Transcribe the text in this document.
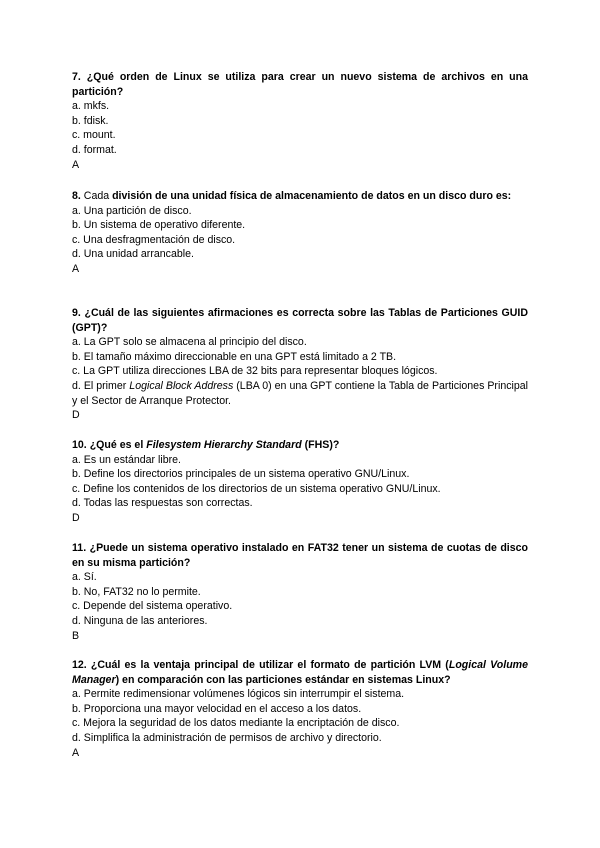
7. ¿Qué orden de Linux se utiliza para crear un nuevo sistema de archivos en una partición?

a. mkfs.

b. fdisk.

c. mount.

d. format.

A

8. Cada división de una unidad física de almacenamiento de datos en un disco duro es:

a. Una partición de disco.

b. Un sistema de operativo diferente.

c. Una desfragmentación de disco.

d. Una unidad arrancable.

A

9. ¿Cuál de las siguientes afirmaciones es correcta sobre las Tablas de Particiones GUID (GPT)?

a. La GPT solo se almacena al principio del disco.

b. El tamaño máximo direccionable en una GPT está limitado a 2 TB.

c. La GPT utiliza direcciones LBA de 32 bits para representar bloques lógicos.

d. El primer Logical Block Address (LBA 0) en una GPT contiene la Tabla de Particiones Principal y el Sector de Arranque Protector.

D

10. ¿Qué es el Filesystem Hierarchy Standard (FHS)?

a. Es un estándar libre.

b. Define los directorios principales de un sistema operativo GNU/Linux.

c. Define los contenidos de los directorios de un sistema operativo GNU/Linux.

d. Todas las respuestas son correctas.

D

11. ¿Puede un sistema operativo instalado en FAT32 tener un sistema de cuotas de disco en su misma partición?

a. Sí.

b. No, FAT32 no lo permite.

c. Depende del sistema operativo.

d. Ninguna de las anteriores.

B

12. ¿Cuál es la ventaja principal de utilizar el formato de partición LVM (Logical Volume Manager) en comparación con las particiones estándar en sistemas Linux?

a. Permite redimensionar volúmenes lógicos sin interrumpir el sistema.

b. Proporciona una mayor velocidad en el acceso a los datos.

c. Mejora la seguridad de los datos mediante la encriptación de disco.

d. Simplifica la administración de permisos de archivo y directorio.

A
